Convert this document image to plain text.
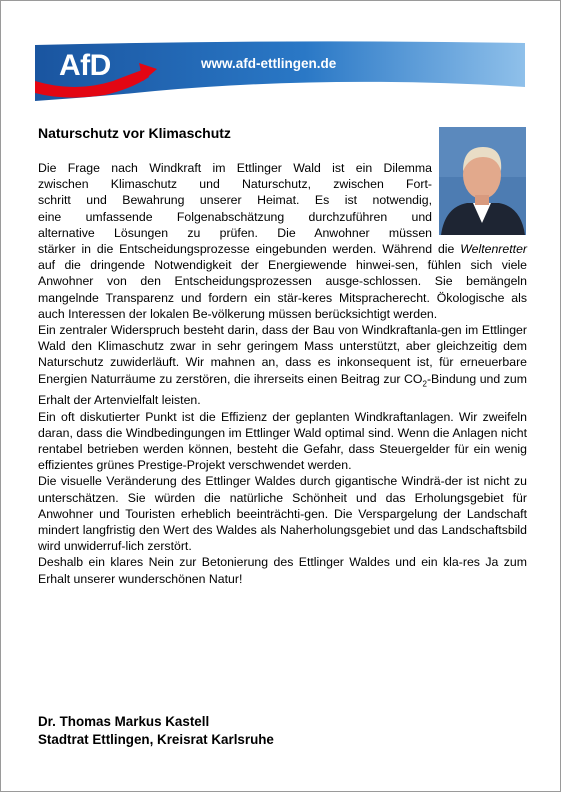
AfD	www.afd-ettlingen.de
Naturschutz vor Klimaschutz

Die Frage nach Windkraft im Ettlinger Wald ist ein Dilemma
zwischen Klimaschutz und Naturschutz, zwischen Fort-
schritt und Bewahrung unserer Heimat. Es ist notwendig,
eine umfassende Folgenabschätzung durchzuführen und
alternative Lösungen zu prüfen. Die Anwohner müssen
stärker in die Entscheidungsprozesse eingebunden werden. Während die Weltenretter auf die dringende Notwendigkeit der Energiewende hinwei-sen, fühlen sich viele Anwohner von den Entscheidungsprozessen ausge-schlossen. Sie bemängeln mangelnde Transparenz und fordern ein stär-keres Mitspracherecht. Ökologische als auch Interessen der lokalen Be-völkerung müssen berücksichtigt werden.

Ein zentraler Widerspruch besteht darin, dass der Bau von Windkraftanla-gen im Ettlinger Wald den Klimaschutz zwar in sehr geringem Mass unterstützt, aber gleichzeitig dem Naturschutz zuwiderläuft. Wir mahnen an, dass es inkonsequent ist, für erneuerbare Energien Naturräume zu zerstören, die ihrerseits einen Beitrag zur $CO_2$-Bindung und zum Erhalt der Artenvielfalt leisten.

Ein oft diskutierter Punkt ist die Effizienz der geplanten Windkraftanlagen. Wir zweifeln daran, dass die Windbedingungen im Ettlinger Wald optimal sind. Wenn die Anlagen nicht rentabel betrieben werden können, besteht die Gefahr, dass Steuergelder für ein wenig effizientes grünes Prestige-Projekt verschwendet werden.

Die visuelle Veränderung des Ettlinger Waldes durch gigantische Windrä-der ist nicht zu unterschätzen. Sie würden die natürliche Schönheit und das Erholungsgebiet für Anwohner und Touristen erheblich beeinträchti-gen. Die Verspargelung der Landschaft mindert langfristig den Wert des Waldes als Naherholungsgebiet und das Landschaftsbild wird unwiderruf-lich zerstört.

Deshalb ein klares Nein zur Betonierung des Ettlinger Waldes und ein kla-res Ja zum Erhalt unserer wunderschönen Natur!

Dr. Thomas Markus Kastell
Stadtrat Ettlingen, Kreisrat Karlsruhe
